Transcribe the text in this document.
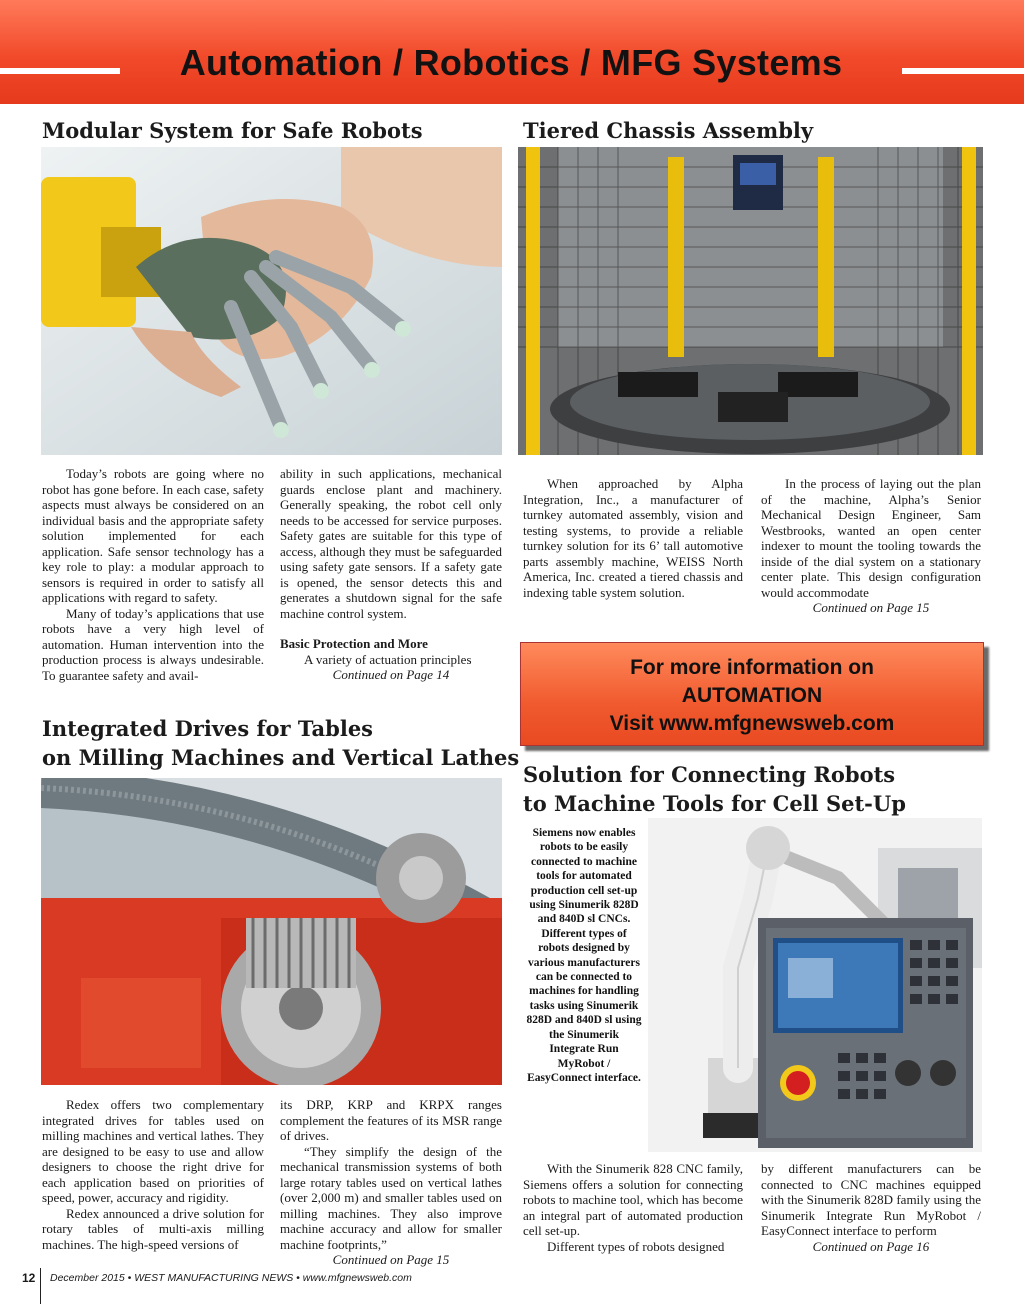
Automation / Robotics / MFG Systems
Modular System for Safe Robots

Today’s robots are going where no robot has gone before. In each case, safety aspects must always be considered on an individual basis and the appropriate safety solution implemented for each application. Safe sensor technology has a key role to play: a modular approach to sensors is required in order to satisfy all applications with regard to safety.

Many of today’s applications that use robots have a very high level of automation. Human intervention into the production process is always undesirable. To guarantee safety and avail-

ability in such applications, mechanical guards enclose plant and machinery. Generally speaking, the robot cell only needs to be accessed for service purposes. Safety gates are suitable for this type of access, although they must be safeguarded using safety gate sensors. If a safety gate is opened, the sensor detects this and generates a shutdown signal for the safe machine control system.

Basic Protection and More

A variety of actuation principles

Continued on Page 14
Tiered Chassis Assembly

When approached by Alpha Integration, Inc., a manufacturer of turnkey automated assembly, vision and testing systems, to provide a reliable turnkey solution for its 6’ tall automotive parts assembly machine, WEISS North America, Inc. created a tiered chassis and indexing table system solution.

In the process of laying out the plan of the machine, Alpha’s Senior Mechanical Design Engineer, Sam Westbrooks, wanted an open center indexer to mount the tooling towards the inside of the dial system on a stationary center plate. This design configuration would accommodate

Continued on Page 15
For more information on
AUTOMATION
Visit www.mfgnewsweb.com
Integrated Drives for Tables
on Milling Machines and Vertical Lathes

Redex offers two complementary integrated drives for tables used on milling machines and vertical lathes. They are designed to be easy to use and allow designers to choose the right drive for each application based on priorities of speed, power, accuracy and rigidity.

Redex announced a drive solution for rotary tables of multi-axis milling machines. The high-speed versions of

its DRP, KRP and KRPX ranges complement the features of its MSR range of drives.

“They simplify the design of the mechanical transmission systems of both large rotary tables used on vertical lathes (over 2,000 m) and smaller tables used on milling machines. They also improve machine accuracy and allow for smaller machine footprints,”

Continued on Page 15
Solution for Connecting Robots
to Machine Tools for Cell Set-Up
Siemens now enables robots to be easily connected to machine tools for automated production cell set-up using Sinumerik 828D and 840D sl CNCs. Different types of robots designed by various manufacturers can be connected to machines for handling tasks using Sinumerik 828D and 840D sl using the Sinumerik Integrate Run MyRobot / EasyConnect interface.

With the Sinumerik 828 CNC family, Siemens offers a solution for connecting robots to machine tool, which has become an integral part of automated production cell set-up.

Different types of robots designed

by different manufacturers can be connected to CNC machines equipped with the Sinumerik 828D family using the Sinumerik Integrate Run MyRobot / EasyConnect interface to perform

Continued on Page 16
12 December 2015 • WEST MANUFACTURING NEWS • www.mfgnewsweb.com
